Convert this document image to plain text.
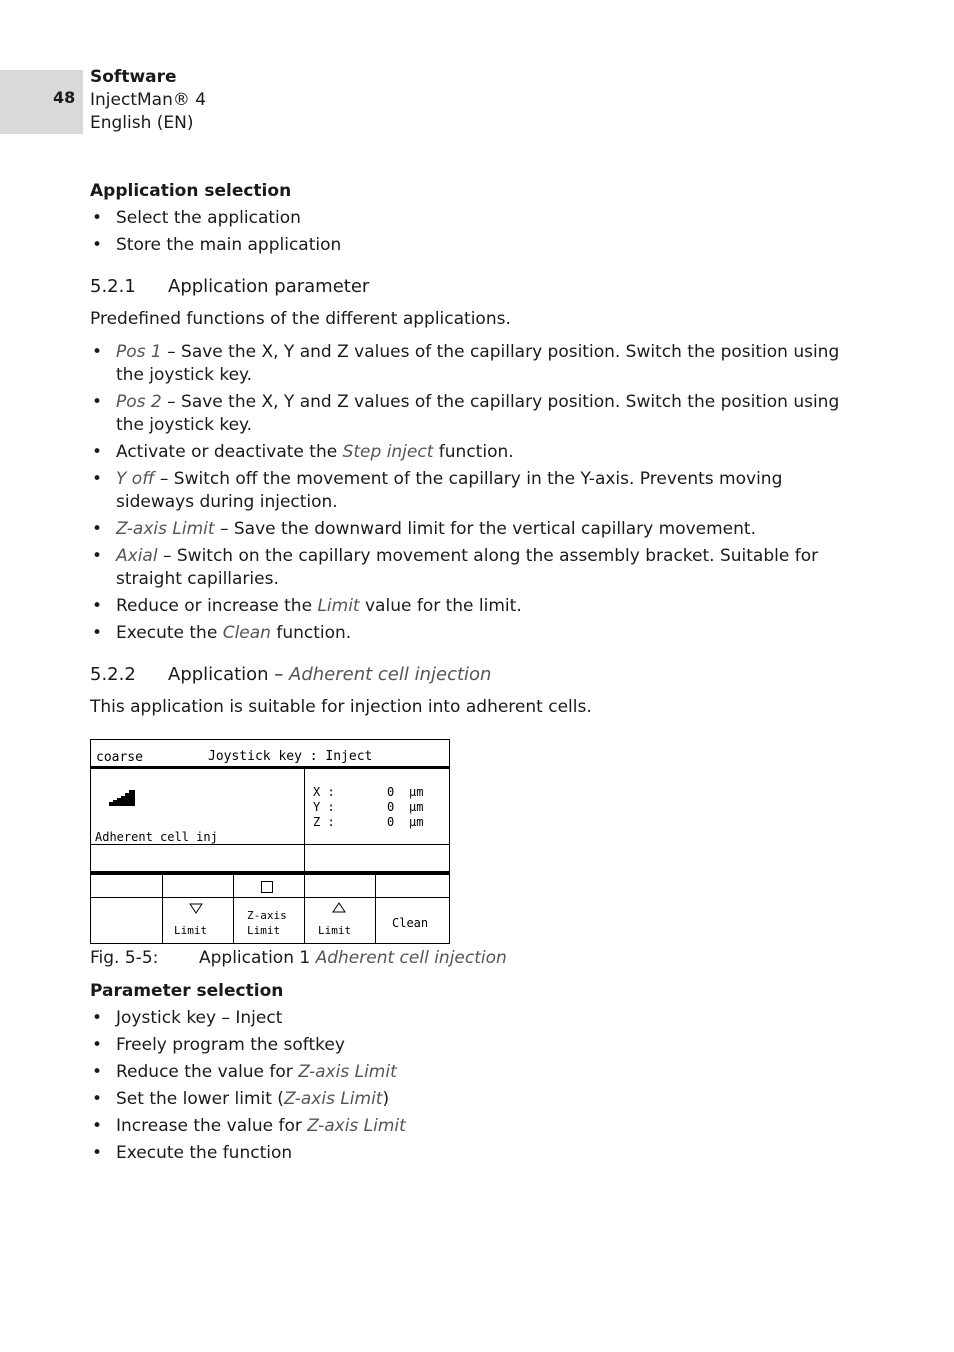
48
Software
InjectMan® 4
English (EN)
Application selection
• Select the application
• Store the main application
5.2.1 Application parameter
Predefined functions of the different applications.
• Pos 1 – Save the X, Y and Z values of the capillary position. Switch the position using the joystick key.
• Pos 2 – Save the X, Y and Z values of the capillary position. Switch the position using the joystick key.
• Activate or deactivate the Step inject function.
• Y off – Switch off the movement of the capillary in the Y-axis. Prevents moving sideways during injection.
• Z-axis Limit – Save the downward limit for the vertical capillary movement.
• Axial – Switch on the capillary movement along the assembly bracket. Suitable for straight capillaries.
• Reduce or increase the Limit value for the limit.
• Execute the Clean function.
5.2.2 Application – Adherent cell injection
This application is suitable for injection into adherent cells.
coarse	Joystick key : Inject
Adherent cell inj
X :
Y :
Z :
0
0
0
µm
µm
µm
Limit
Z-axis
Limit	Limit
Clean
Fig. 5-5: Application 1 Adherent cell injection
Parameter selection
• Joystick key – Inject
• Freely program the softkey
• Reduce the value for Z-axis Limit
• Set the lower limit (Z-axis Limit)
• Increase the value for Z-axis Limit
• Execute the function
